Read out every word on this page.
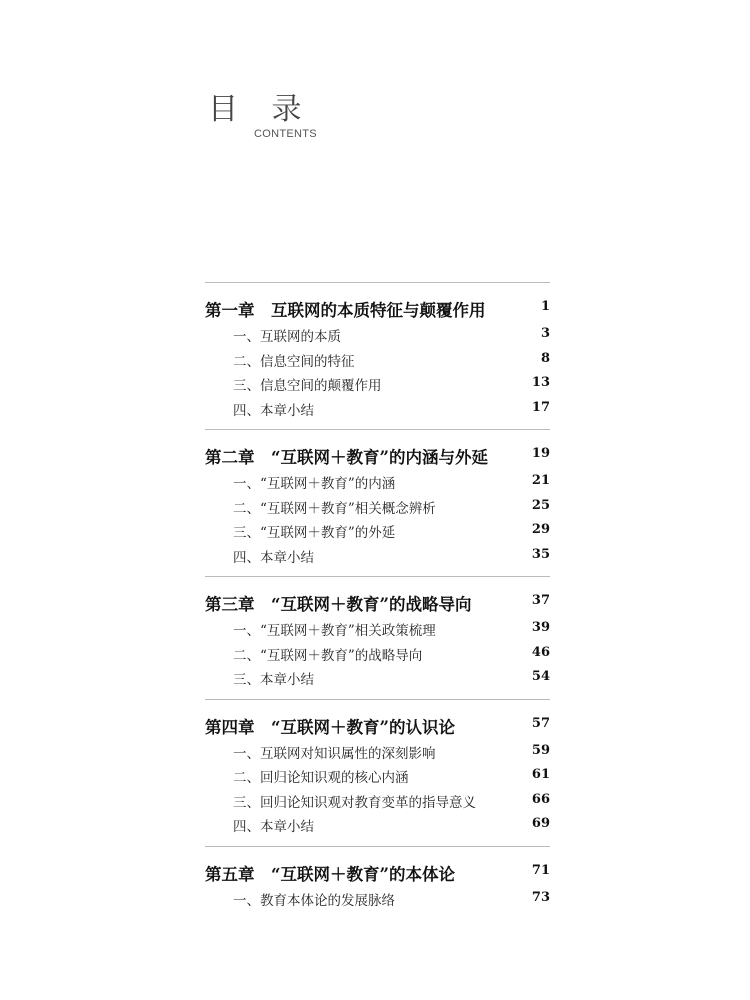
目 录
CONTENTS
第一章　互联网的本质特征与颠覆作用	1
一、互联网的本质	3
二、信息空间的特征	8
三、信息空间的颠覆作用	13
四、本章小结	17
第二章　“互联网＋教育”的内涵与外延	19
一、“互联网＋教育”的内涵	21
二、“互联网＋教育”相关概念辨析	25
三、“互联网＋教育”的外延	29
四、本章小结	35
第三章　“互联网＋教育”的战略导向	37
一、“互联网＋教育”相关政策梳理	39
二、“互联网＋教育”的战略导向	46
三、本章小结	54
第四章　“互联网＋教育”的认识论	57
一、互联网对知识属性的深刻影响	59
二、回归论知识观的核心内涵	61
三、回归论知识观对教育变革的指导意义	66
四、本章小结	69
第五章　“互联网＋教育”的本体论	71
一、教育本体论的发展脉络	73
